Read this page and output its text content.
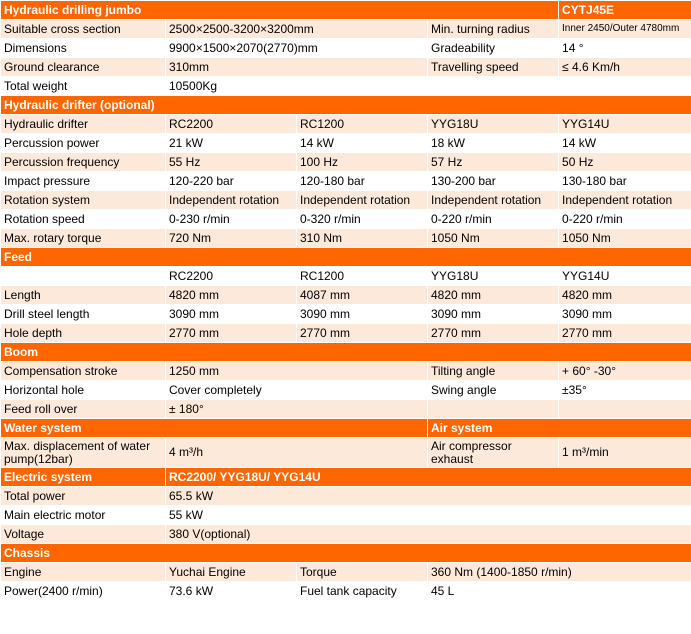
Hydraulic drilling jumbo				CYTJ45E
Suitable cross section	2500×2500-3200×3200mm		Min. turning radius	Inner 2450/Outer 4780mm
Dimensions	9900×1500×2070(2770)mm		Gradeability	14 °
Ground clearance	310mm		Travelling speed	≤ 4.6 Km/h
Total weight	10500Kg			
Hydraulic drifter (optional)				
Hydraulic drifter	RC2200	RC1200	YYG18U	YYG14U
Percussion power	21 kW	14 kW	18 kW	14 kW
Percussion frequency	55 Hz	100 Hz	57 Hz	50 Hz
Impact pressure	120-220 bar	120-180 bar	130-200 bar	130-180 bar
Rotation system	Independent rotation	Independent rotation	Independent rotation	Independent rotation
Rotation speed	0-230 r/min	0-320 r/min	0-220 r/min	0-220 r/min
Max. rotary torque	720 Nm	310 Nm	1050 Nm	1050 Nm
Feed				
	RC2200	RC1200	YYG18U	YYG14U
Length	4820 mm	4087 mm	4820 mm	4820 mm
Drill steel length	3090 mm	3090 mm	3090 mm	3090 mm
Hole depth	2770 mm	2770 mm	2770 mm	2770 mm
Boom				
Compensation stroke	1250 mm		Tilting angle	+ 60° -30°
Horizontal hole	Cover completely		Swing angle	±35°
Feed roll over	± 180°			
Water system			Air system	
Max. displacement of water pump(12bar)	4 m³/h		Air compressor exhaust	1 m³/min
Electric system	RC2200/ YYG18U/ YYG14U			
Total power	65.5 kW			
Main electric motor	55 kW			
Voltage	380 V(optional)			
Chassis				
Engine	Yuchai Engine	Torque	360 Nm (1400-1850 r/min)	
Power(2400 r/min)	73.6 kW	Fuel tank capacity	45 L	
